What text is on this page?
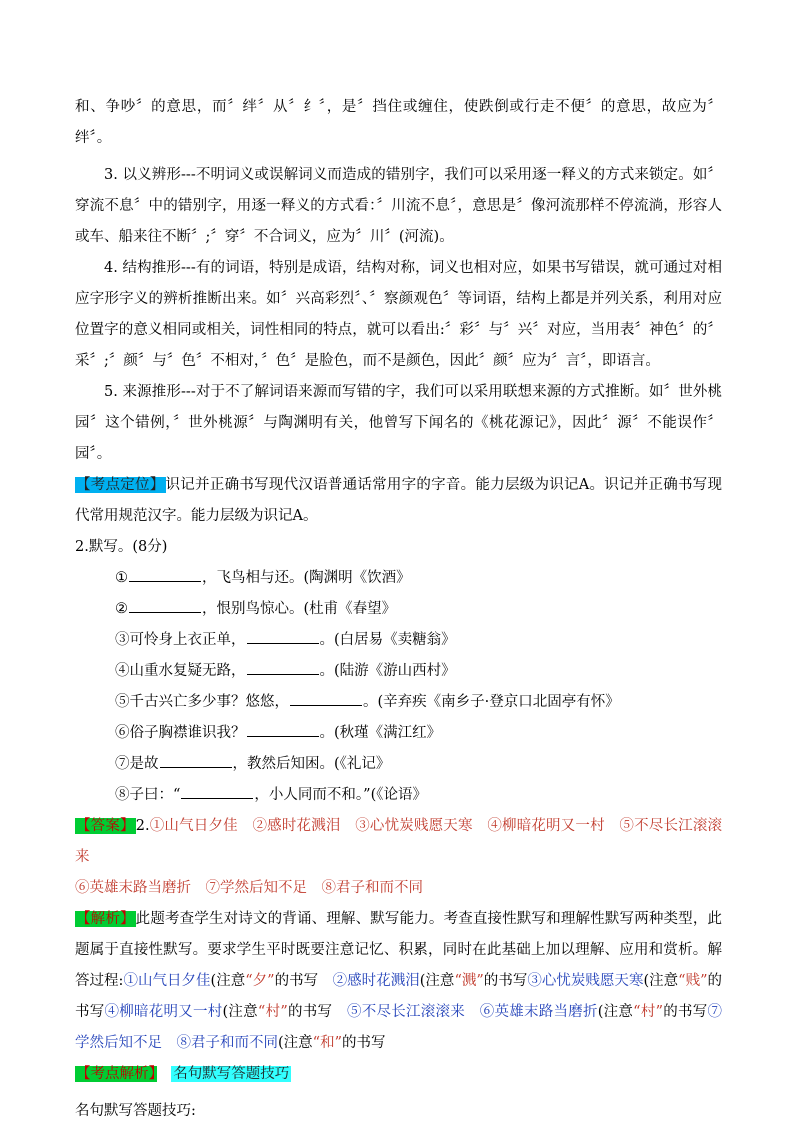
和、争吵〞的意思，而〞绊〞从〞纟〞，是〞挡住或缠住，使跌倒或行走不便〞的意思，故应为〞绊〞。

3. 以义辨形---不明词义或误解词义而造成的错别字，我们可以采用逐一释义的方式来锁定。如〞穿流不息〞中的错别字，用逐一释义的方式看：〞川流不息〞，意思是〞像河流那样不停流淌，形容人或车、船来往不断〞;〞穿〞不合词义，应为〞川〞(河流)。

4. 结构推形---有的词语，特别是成语，结构对称，词义也相对应，如果书写错误，就可通过对相应字形字义的辨析推断出来。如〞兴高彩烈〞、〞察颜观色〞等词语，结构上都是并列关系，利用对应位置字的意义相同或相关，词性相同的特点，就可以看出:〞彩〞与〞兴〞对应，当用表〞神色〞的〞采〞;〞颜〞与〞色〞不相对，〞色〞是脸色，而不是颜色，因此〞颜〞应为〞言〞，即语言。

5. 来源推形---对于不了解词语来源而写错的字，我们可以采用联想来源的方式推断。如〞世外桃园〞这个错例，〞世外桃源〞与陶渊明有关，他曾写下闻名的《桃花源记》，因此〞源〞不能误作〞园〞。

【考点定位】识记并正确书写现代汉语普通话常用字的字音。能力层级为识记A。识记并正确书写现代常用规范汉字。能力层级为识记A。

2.默写。(8分)

①	，飞鸟相与还。(陶渊明《饮酒》

②	，恨别鸟惊心。(杜甫《春望》

③可怜身上衣正单，	。(白居易《卖糖翁》

④山重水复疑无路，	。(陆游《游山西村》

⑤千古兴亡多少事？悠悠，	。(辛弃疾《南乡子·登京口北固亭有怀》

⑥俗子胸襟谁识我？	。(秋瑾《满江红》

⑦是故	，教然后知困。(《礼记》

⑧子曰：“	，小人同而不和。”(《论语》

【答案】2.①山气日夕佳　②感时花溅泪　③心忧炭贱愿天寒　④柳暗花明又一村　⑤不尽长江滚滚来

⑥英雄末路当磨折　⑦学然后知不足　⑧君子和而不同

【解析】此题考查学生对诗文的背诵、理解、默写能力。考查直接性默写和理解性默写两种类型，此题属于直接性默写。要求学生平时既要注意记忆、积累，同时在此基础上加以理解、应用和赏析。解答过程:①山气日夕佳(注意“夕”的书写　②感时花溅泪(注意“溅”的书写③心忧炭贱愿天寒(注意“贱”的书写④柳暗花明又一村(注意“村”的书写　⑤不尽长江滚滚来　⑥英雄末路当磨折(注意“村”的书写⑦学然后知不足　⑧君子和而不同(注意“和”的书写

【考点解析】　 名句默写答题技巧

名句默写答题技巧:
